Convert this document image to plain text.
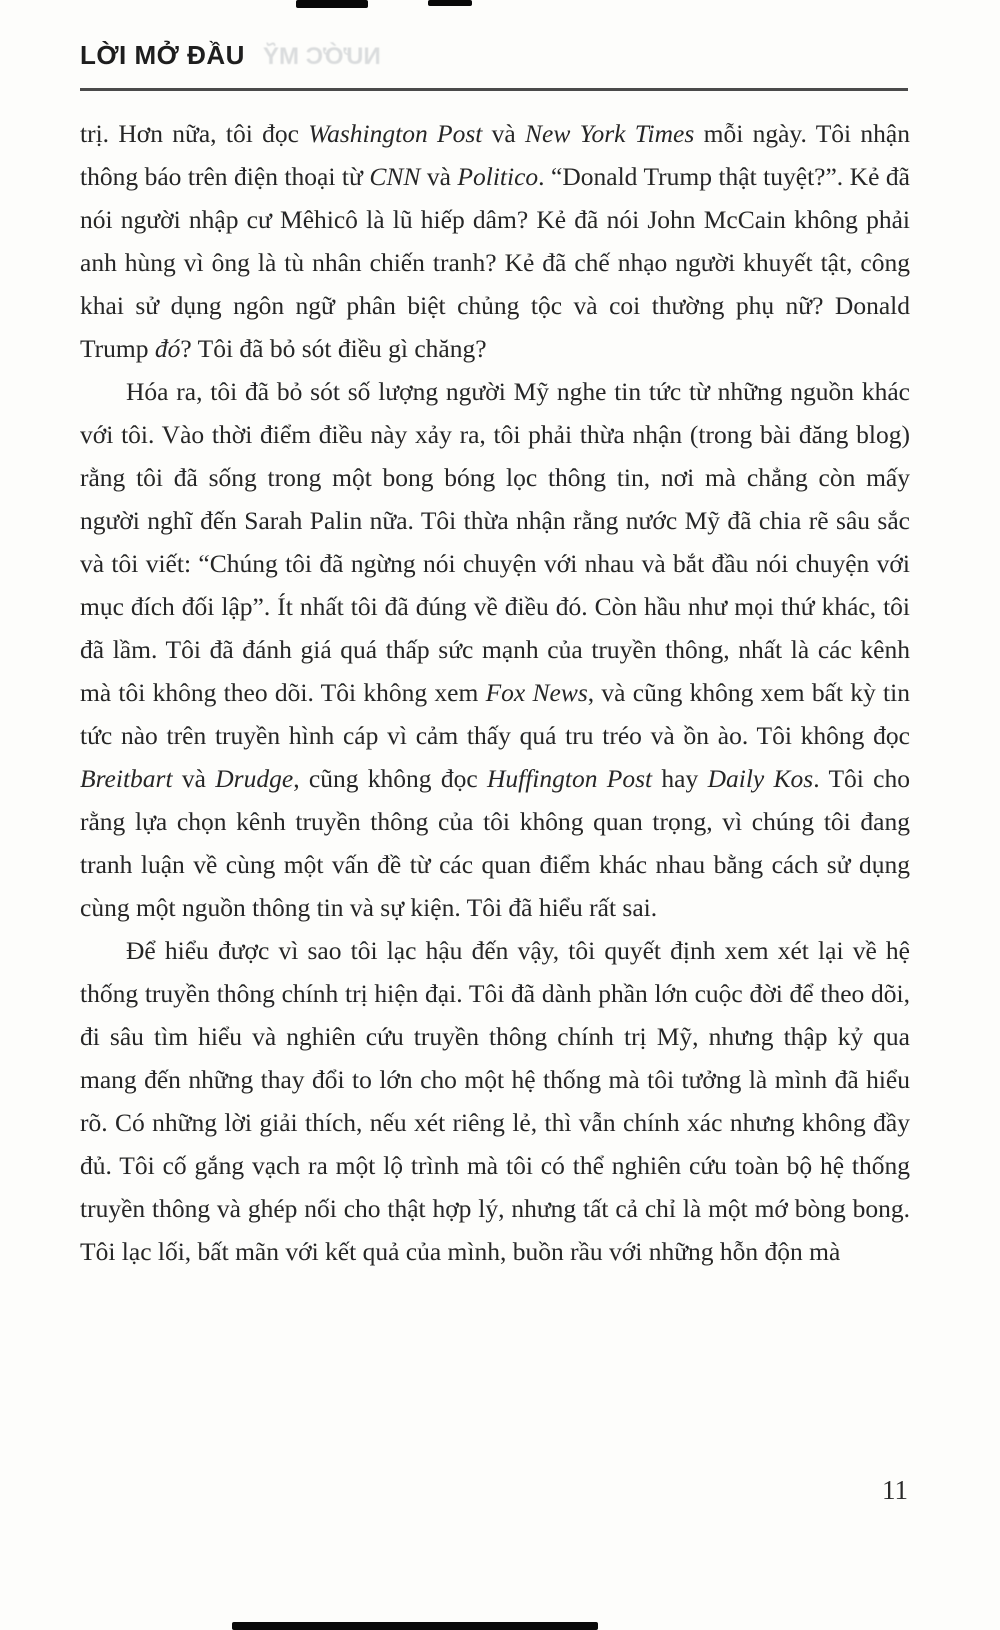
LỜI MỞ ĐẦU NƯỚC MỸ

trị. Hơn nữa, tôi đọc Washington Post và New York Times mỗi ngày. Tôi nhận thông báo trên điện thoại từ CNN và Politico. “Donald Trump thật tuyệt?”. Kẻ đã nói người nhập cư Mêhicô là lũ hiếp dâm? Kẻ đã nói John McCain không phải anh hùng vì ông là tù nhân chiến tranh? Kẻ đã chế nhạo người khuyết tật, công khai sử dụng ngôn ngữ phân biệt chủng tộc và coi thường phụ nữ? Donald Trump đó? Tôi đã bỏ sót điều gì chăng?

Hóa ra, tôi đã bỏ sót số lượng người Mỹ nghe tin tức từ những nguồn khác với tôi. Vào thời điểm điều này xảy ra, tôi phải thừa nhận (trong bài đăng blog) rằng tôi đã sống trong một bong bóng lọc thông tin, nơi mà chẳng còn mấy người nghĩ đến Sarah Palin nữa. Tôi thừa nhận rằng nước Mỹ đã chia rẽ sâu sắc và tôi viết: “Chúng tôi đã ngừng nói chuyện với nhau và bắt đầu nói chuyện với mục đích đối lập”. Ít nhất tôi đã đúng về điều đó. Còn hầu như mọi thứ khác, tôi đã lầm. Tôi đã đánh giá quá thấp sức mạnh của truyền thông, nhất là các kênh mà tôi không theo dõi. Tôi không xem Fox News, và cũng không xem bất kỳ tin tức nào trên truyền hình cáp vì cảm thấy quá tru tréo và ồn ào. Tôi không đọc Breitbart và Drudge, cũng không đọc Huffington Post hay Daily Kos. Tôi cho rằng lựa chọn kênh truyền thông của tôi không quan trọng, vì chúng tôi đang tranh luận về cùng một vấn đề từ các quan điểm khác nhau bằng cách sử dụng cùng một nguồn thông tin và sự kiện. Tôi đã hiểu rất sai.

Để hiểu được vì sao tôi lạc hậu đến vậy, tôi quyết định xem xét lại về hệ thống truyền thông chính trị hiện đại. Tôi đã dành phần lớn cuộc đời để theo dõi, đi sâu tìm hiểu và nghiên cứu truyền thông chính trị Mỹ, nhưng thập kỷ qua mang đến những thay đổi to lớn cho một hệ thống mà tôi tưởng là mình đã hiểu rõ. Có những lời giải thích, nếu xét riêng lẻ, thì vẫn chính xác nhưng không đầy đủ. Tôi cố gắng vạch ra một lộ trình mà tôi có thể nghiên cứu toàn bộ hệ thống truyền thông và ghép nối cho thật hợp lý, nhưng tất cả chỉ là một mớ bòng bong. Tôi lạc lối, bất mãn với kết quả của mình, buồn rầu với những hỗn độn mà

11
